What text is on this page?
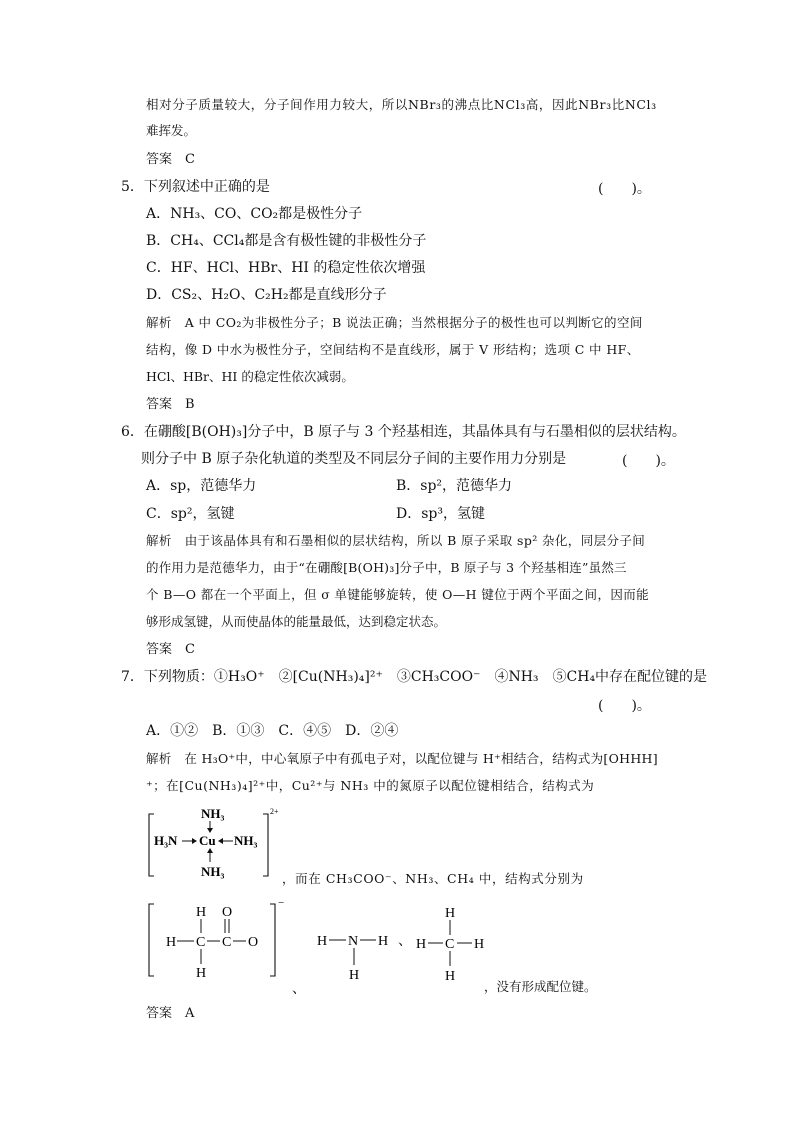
相对分子质量较大，分子间作用力较大，所以NBr₃的沸点比NCl₃高，因此NBr₃比NCl₃
难挥发。
答案　C
5．下列叙述中正确的是	(　　)。
A．NH₃、CO、CO₂都是极性分子
B．CH₄、CCl₄都是含有极性键的非极性分子
C．HF、HCl、HBr、HI 的稳定性依次增强
D．CS₂、H₂O、C₂H₂都是直线形分子
解析　A 中 CO₂为非极性分子；B 说法正确；当然根据分子的极性也可以判断它的空间
结构，像 D 中水为极性分子，空间结构不是直线形，属于 V 形结构；选项 C 中 HF、
HCl、HBr、HI 的稳定性依次减弱。
答案　B
6．在硼酸[B(OH)₃]分子中，B 原子与 3 个羟基相连，其晶体具有与石墨相似的层状结构。
则分子中 B 原子杂化轨道的类型及不同层分子间的主要作用力分别是	(　　)。
A．sp，范德华力	B．sp²，范德华力
C．sp²，氢键	D．sp³，氢键
解析　由于该晶体具有和石墨相似的层状结构，所以 B 原子采取 sp² 杂化，同层分子间
的作用力是范德华力，由于“在硼酸[B(OH)₃]分子中，B 原子与 3 个羟基相连”虽然三
个 B—O 都在一个平面上，但 σ 单键能够旋转，使 O—H 键位于两个平面之间，因而能
够形成氢键，从而使晶体的能量最低，达到稳定状态。
答案　C
7．下列物质：①H₃O⁺　②[Cu(NH₃)₄]²⁺　③CH₃COO⁻　④NH₃　⑤CH₄中存在配位键的是
(　　)。
A．①②　B．①③　C．④⑤　D．②④
解析　在 H₃O⁺中，中心氧原子中有孤电子对，以配位键与 H⁺相结合，结构式为[OHHH]
⁺；在[Cu(NH₃)₄]²⁺中，Cu²⁺与 NH₃ 中的氮原子以配位键相结合，结构式为
NH₃
H₃N Cu NH₃
NH₃
2+
，而在 CH₃COO⁻、NH₃、CH₄ 中，结构式分别为
H O
H C C O
H
−
H N H
H
、
H
H C H
H
、	，没有形成配位键。
答案　A
